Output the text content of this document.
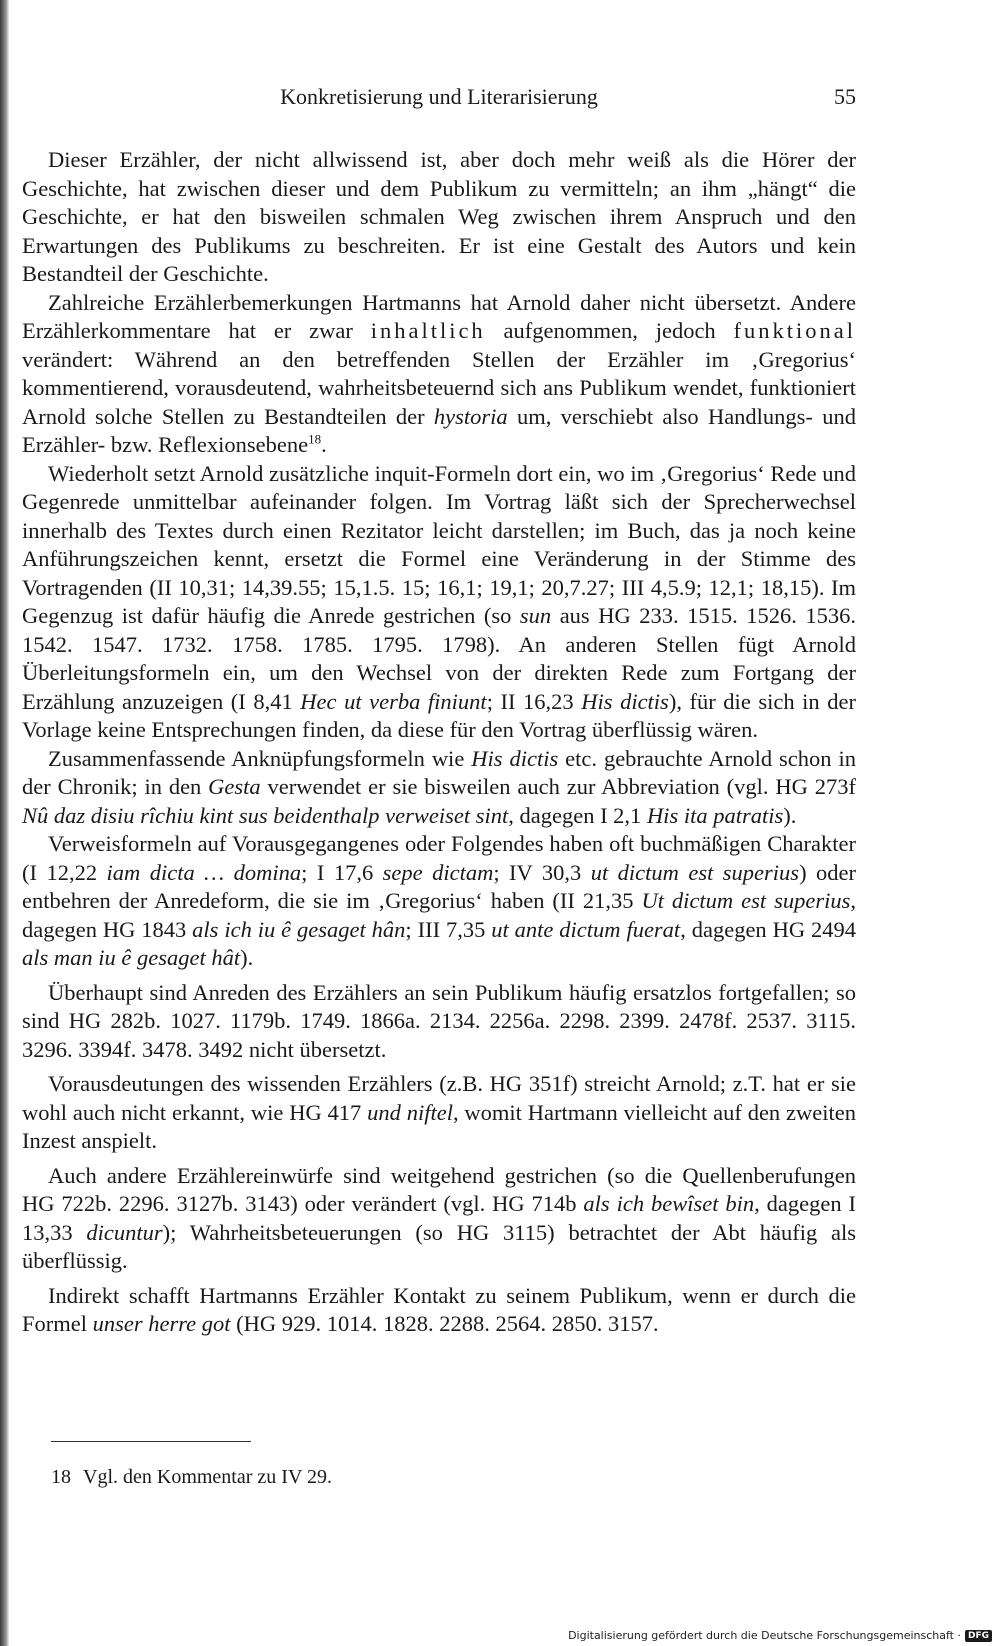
Konkretisierung und Literarisierung	55

Dieser Erzähler, der nicht allwissend ist, aber doch mehr weiß als die Hörer der Geschichte, hat zwischen dieser und dem Publikum zu vermitteln; an ihm „hängt“ die Geschichte, er hat den bisweilen schmalen Weg zwischen ihrem Anspruch und den Erwartungen des Publikums zu beschreiten. Er ist eine Gestalt des Autors und kein Bestandteil der Geschichte.

Zahlreiche Erzählerbemerkungen Hartmanns hat Arnold daher nicht übersetzt. Andere Erzählerkommentare hat er zwar inhaltlich aufgenommen, jedoch funktional verändert: Während an den betreffenden Stellen der Erzähler im ‚Gregorius‘ kommentierend, vorausdeutend, wahrheitsbeteuernd sich ans Publikum wendet, funktioniert Arnold solche Stellen zu Bestandteilen der hystoria um, verschiebt also Handlungs- und Erzähler- bzw. Reflexionsebene$^{18}$.

Wiederholt setzt Arnold zusätzliche inquit-Formeln dort ein, wo im ‚Gregorius‘ Rede und Gegenrede unmittelbar aufeinander folgen. Im Vortrag läßt sich der Sprecherwechsel innerhalb des Textes durch einen Rezitator leicht darstellen; im Buch, das ja noch keine Anführungszeichen kennt, ersetzt die Formel eine Veränderung in der Stimme des Vortragenden (II 10,31; 14,39.55; 15,1.5. 15; 16,1; 19,1; 20,7.27; III 4,5.9; 12,1; 18,15). Im Gegenzug ist dafür häufig die Anrede gestrichen (so sun aus HG 233. 1515. 1526. 1536. 1542. 1547. 1732. 1758. 1785. 1795. 1798). An anderen Stellen fügt Arnold Überleitungsformeln ein, um den Wechsel von der direkten Rede zum Fortgang der Erzählung anzuzeigen (I 8,41 Hec ut verba finiunt; II 16,23 His dictis), für die sich in der Vorlage keine Entsprechungen finden, da diese für den Vortrag überflüssig wären.

Zusammenfassende Anknüpfungsformeln wie His dictis etc. gebrauchte Arnold schon in der Chronik; in den Gesta verwendet er sie bisweilen auch zur Abbreviation (vgl. HG 273f Nû daz disiu rîchiu kint sus beidenthalp verweiset sint, dagegen I 2,1 His ita patratis).

Verweisformeln auf Vorausgegangenes oder Folgendes haben oft buchmäßigen Charakter (I 12,22 iam dicta … domina; I 17,6 sepe dictam; IV 30,3 ut dictum est superius) oder entbehren der Anredeform, die sie im ‚Gregorius‘ haben (II 21,35 Ut dictum est superius, dagegen HG 1843 als ich iu ê gesaget hân; III 7,35 ut ante dictum fuerat, dagegen HG 2494 als man iu ê gesaget hât).

Überhaupt sind Anreden des Erzählers an sein Publikum häufig ersatzlos fortgefallen; so sind HG 282b. 1027. 1179b. 1749. 1866a. 2134. 2256a. 2298. 2399. 2478f. 2537. 3115. 3296. 3394f. 3478. 3492 nicht übersetzt.

Vorausdeutungen des wissenden Erzählers (z.B. HG 351f) streicht Arnold; z.T. hat er sie wohl auch nicht erkannt, wie HG 417 und niftel, womit Hartmann vielleicht auf den zweiten Inzest anspielt.

Auch andere Erzählereinwürfe sind weitgehend gestrichen (so die Quellenberufungen HG 722b. 2296. 3127b. 3143) oder verändert (vgl. HG 714b als ich bewîset bin, dagegen I 13,33 dicuntur); Wahrheitsbeteuerungen (so HG 3115) betrachtet der Abt häufig als überflüssig.

Indirekt schafft Hartmanns Erzähler Kontakt zu seinem Publikum, wenn er durch die Formel unser herre got (HG 929. 1014. 1828. 2288. 2564. 2850. 3157.

18 Vgl. den Kommentar zu IV 29.
Digitalisierung gefördert durch die Deutsche Forschungsgemeinschaft · DFG
